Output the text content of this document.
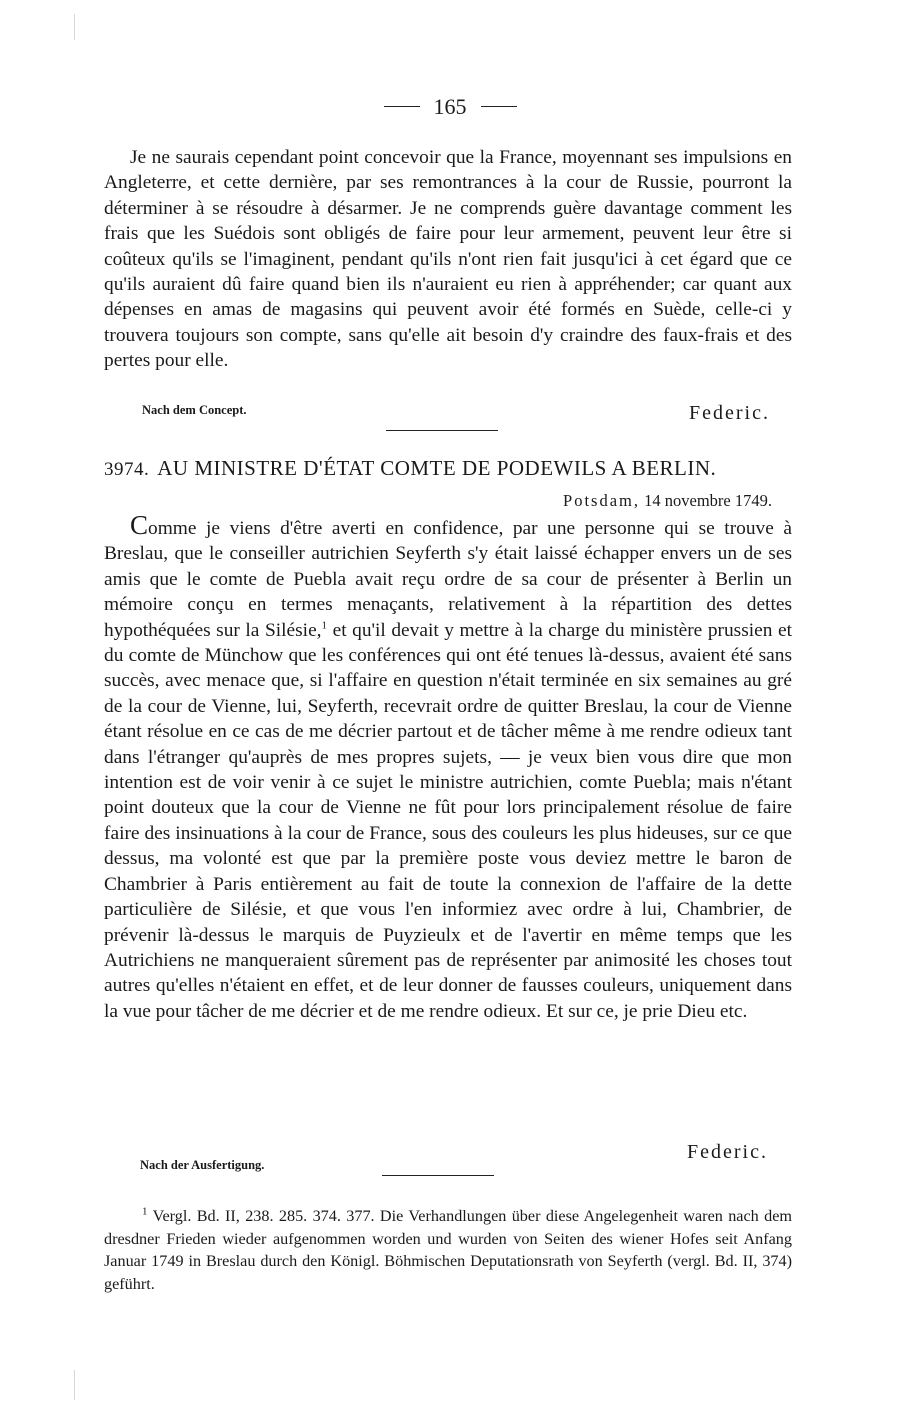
165

Je ne saurais cependant point concevoir que la France, moyennant ses impulsions en Angleterre, et cette dernière, par ses remontrances à la cour de Russie, pourront la déterminer à se résoudre à désarmer. Je ne comprends guère davantage comment les frais que les Suédois sont obligés de faire pour leur armement, peuvent leur être si coûteux qu'ils se l'imaginent, pendant qu'ils n'ont rien fait jusqu'ici à cet égard que ce qu'ils auraient dû faire quand bien ils n'auraient eu rien à appréhender; car quant aux dépenses en amas de magasins qui peuvent avoir été formés en Suède, celle-ci y trouvera toujours son compte, sans qu'elle ait besoin d'y craindre des faux-frais et des pertes pour elle.

Nach dem Concept.	Federic.
3974. AU MINISTRE D'ÉTAT COMTE DE PODEWILS A BERLIN.
Potsdam, 14 novembre 1749.

Comme je viens d'être averti en confidence, par une personne qui se trouve à Breslau, que le conseiller autrichien Seyferth s'y était laissé échapper envers un de ses amis que le comte de Puebla avait reçu ordre de sa cour de présenter à Berlin un mémoire conçu en termes menaçants, relativement à la répartition des dettes hypothéquées sur la Silésie,$^1$ et qu'il devait y mettre à la charge du ministère prussien et du comte de Münchow que les conférences qui ont été tenues là-dessus, avaient été sans succès, avec menace que, si l'affaire en question n'était terminée en six semaines au gré de la cour de Vienne, lui, Seyferth, recevrait ordre de quitter Breslau, la cour de Vienne étant résolue en ce cas de me décrier partout et de tâcher même à me rendre odieux tant dans l'étranger qu'auprès de mes propres sujets, — je veux bien vous dire que mon intention est de voir venir à ce sujet le ministre autrichien, comte Puebla; mais n'étant point douteux que la cour de Vienne ne fût pour lors principalement résolue de faire faire des insinuations à la cour de France, sous des couleurs les plus hideuses, sur ce que dessus, ma volonté est que par la première poste vous deviez mettre le baron de Chambrier à Paris entièrement au fait de toute la connexion de l'affaire de la dette particulière de Silésie, et que vous l'en informiez avec ordre à lui, Chambrier, de prévenir là-dessus le marquis de Puyzieulx et de l'avertir en même temps que les Autrichiens ne manqueraient sûrement pas de représenter par animosité les choses tout autres qu'elles n'étaient en effet, et de leur donner de fausses couleurs, uniquement dans la vue pour tâcher de me décrier et de me rendre odieux. Et sur ce, je prie Dieu etc.

Nach der Ausfertigung.
Federic.
$^1$ Vergl. Bd. II, 238. 285. 374. 377. Die Verhandlungen über diese Angelegenheit waren nach dem dresdner Frieden wieder aufgenommen worden und wurden von Seiten des wiener Hofes seit Anfang Januar 1749 in Breslau durch den Königl. Böhmischen Deputationsrath von Seyferth (vergl. Bd. II, 374) geführt.
